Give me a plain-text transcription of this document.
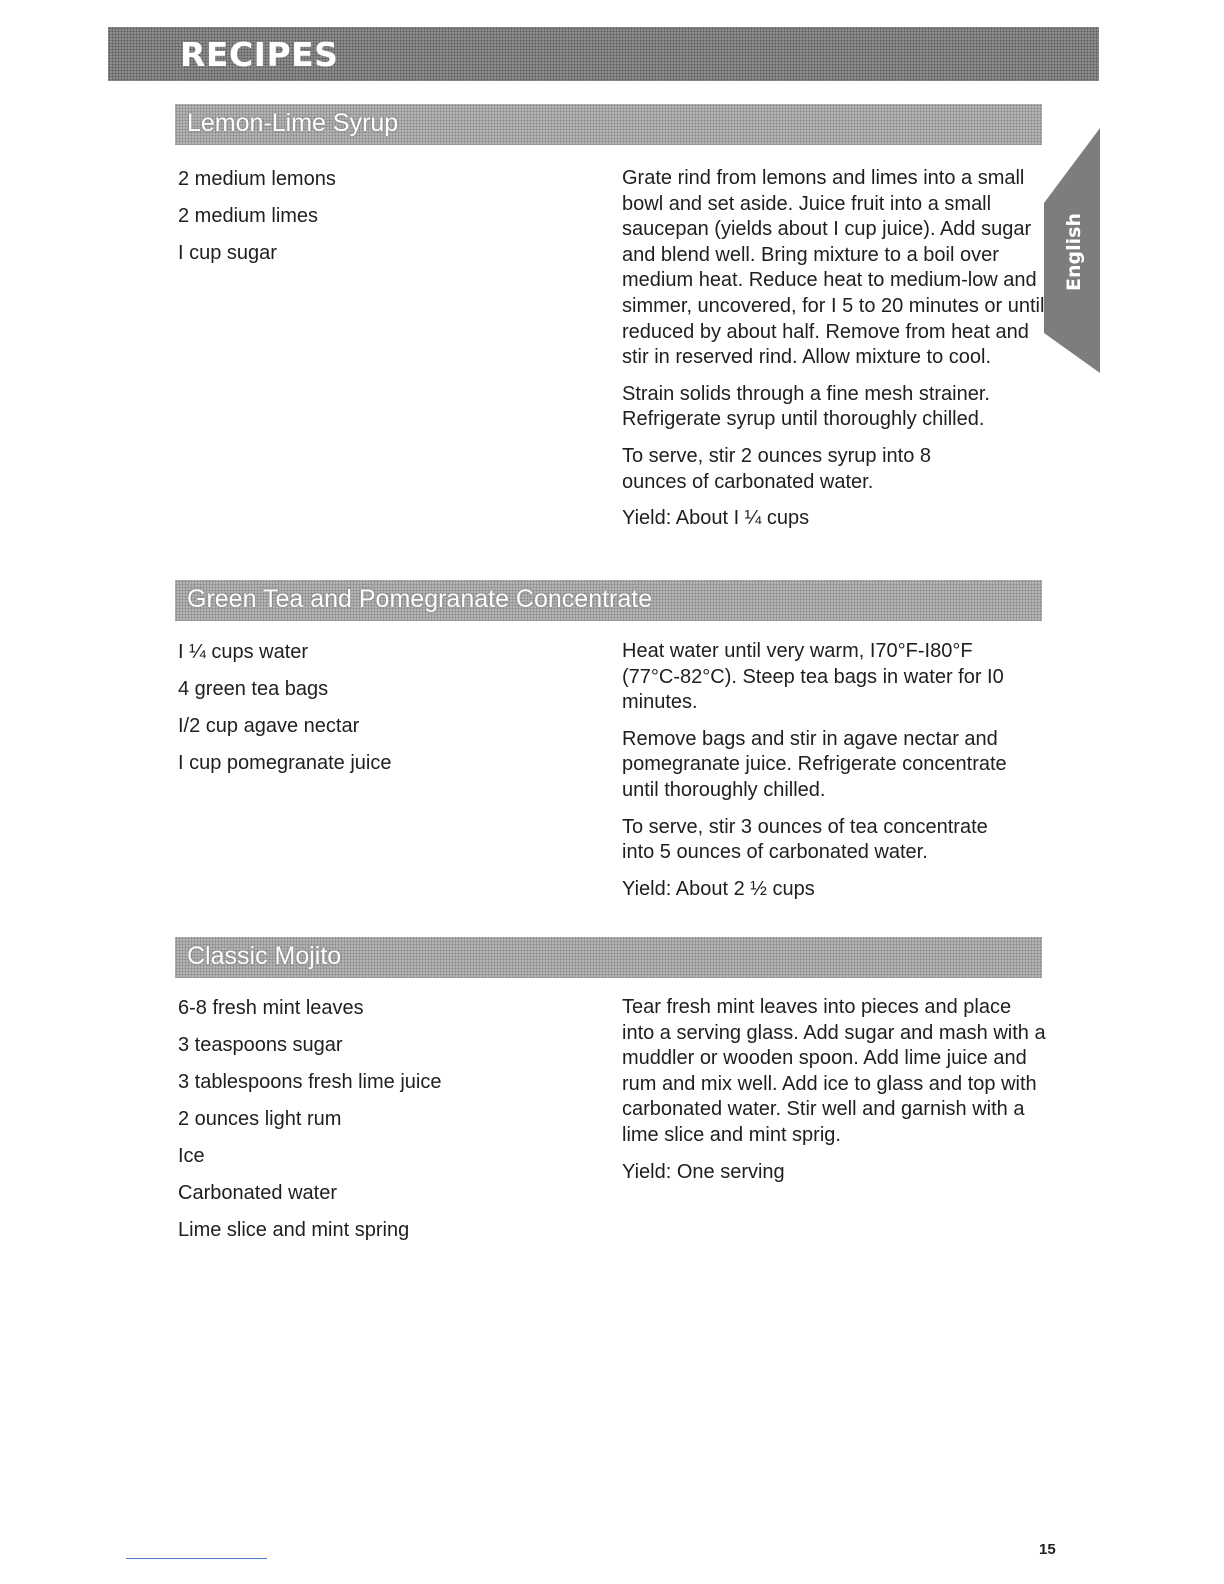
RECIPES
English
Lemon-Lime Syrup
2 medium lemons
2 medium limes
I cup sugar

Grate rind from lemons and limes into a small bowl and set aside. Juice fruit into a small saucepan (yields about I cup juice). Add sugar and blend well. Bring mixture to a boil over medium heat. Reduce heat to medium-low and simmer, uncovered, for I 5 to 20 minutes or until reduced by about half. Remove from heat and stir in reserved rind. Allow mixture to cool.

Strain solids through a fine mesh strainer. Refrigerate syrup until thoroughly chilled.

To serve, stir 2 ounces syrup into 8 ounces of carbonated water.

Yield: About I ¼ cups

Green Tea and Pomegranate Concentrate
I ¼ cups water
4 green tea bags
I/2 cup agave nectar
I cup pomegranate juice

Heat water until very warm, I70°F-I80°F (77°C-82°C). Steep tea bags in water for I0 minutes.

Remove bags and stir in agave nectar and pomegranate juice. Refrigerate concentrate until thoroughly chilled.

To serve, stir 3 ounces of tea concentrate into 5 ounces of carbonated water.

Yield: About 2 ½ cups

Classic Mojito
6-8 fresh mint leaves
3 teaspoons sugar
3 tablespoons fresh lime juice
2 ounces light rum
Ice
Carbonated water
Lime slice and mint spring

Tear fresh mint leaves into pieces and place into a serving glass. Add sugar and mash with a muddler or wooden spoon. Add lime juice and rum and mix well. Add ice to glass and top with carbonated water. Stir well and garnish with a lime slice and mint sprig.

Yield: One serving

15
